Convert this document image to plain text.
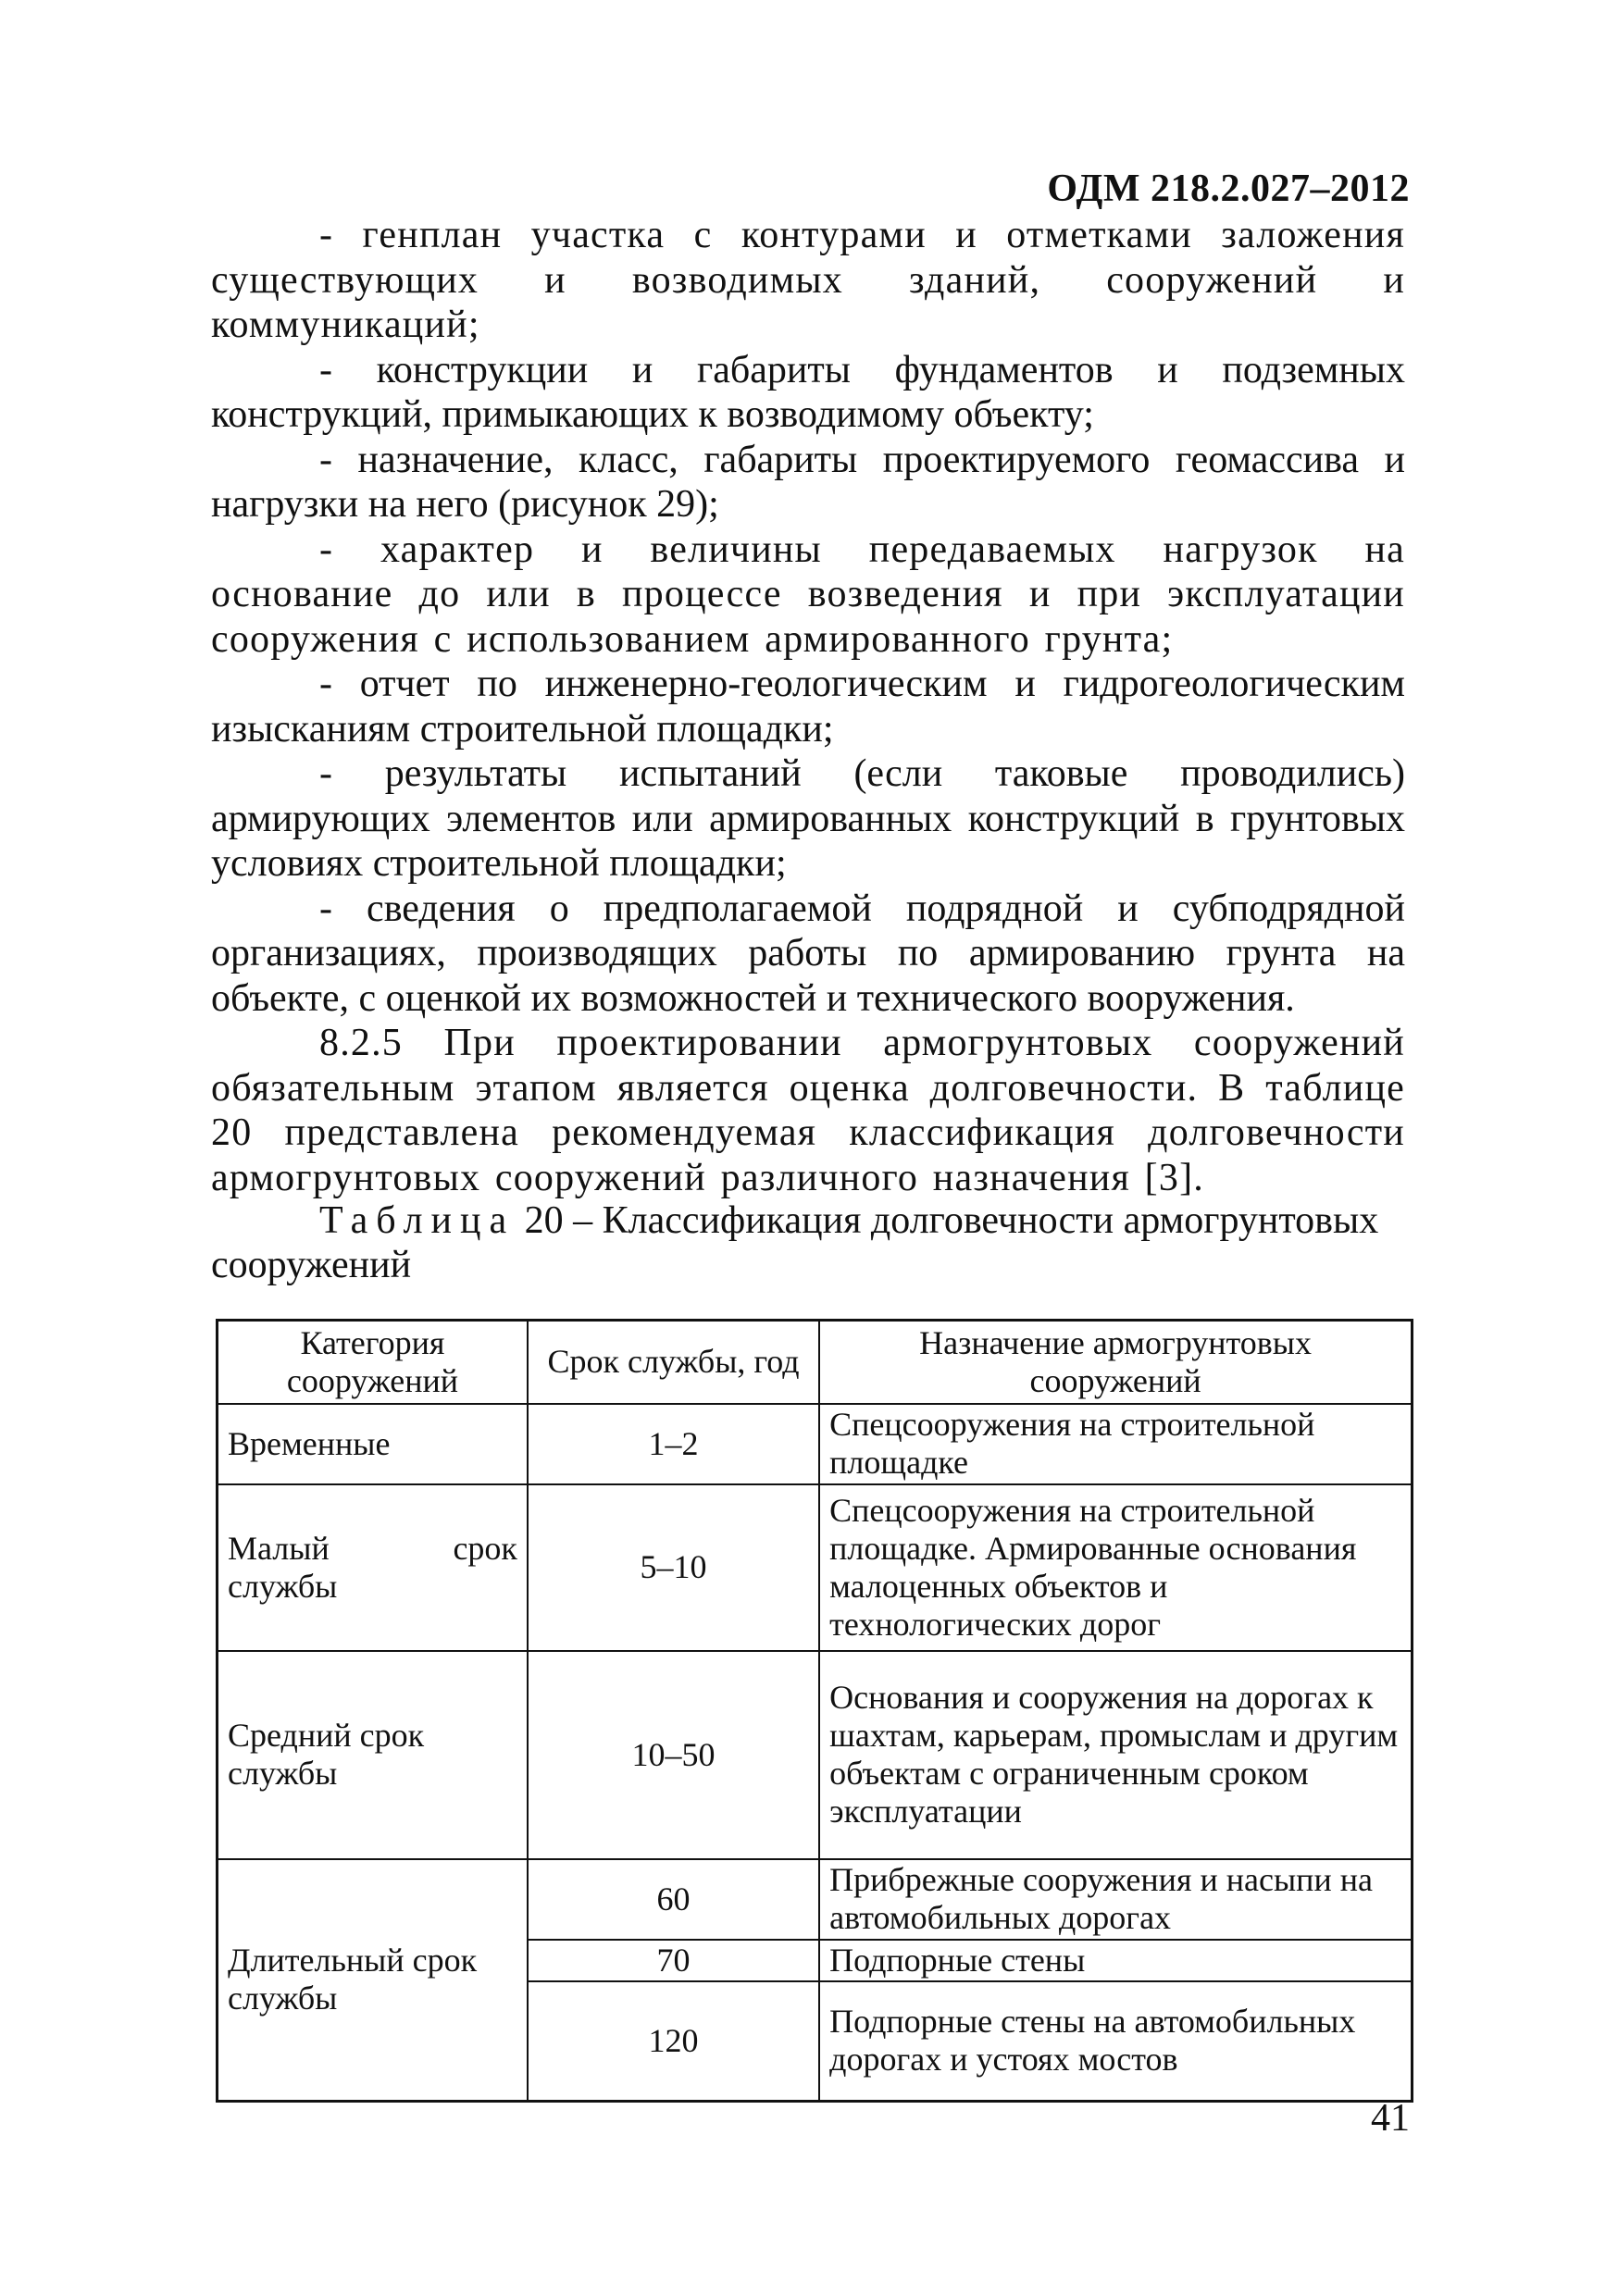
ОДМ 218.2.027–2012

- генплан участка с контурами и отметками заложения существующих и возводимых зданий, сооружений и коммуникаций;

- конструкции и габариты фундаментов и подземных конструкций, примыкающих к возводимому объекту;

- назначение, класс, габариты проектируемого геомассива и нагрузки на него (рисунок 29);

- характер и величины передаваемых нагрузок на основание до или в процессе возведения и при эксплуатации сооружения с использованием армированного грунта;

- отчет по инженерно-геологическим и гидрогеологическим изысканиям строительной площадки;

- результаты испытаний (если таковые проводились) армирующих элементов или армированных конструкций в грунтовых условиях строительной площадки;

- сведения о предполагаемой подрядной и субподрядной организациях, производящих работы по армированию грунта на объекте, с оценкой их возможностей и технического вооружения.

8.2.5 При проектировании армогрунтовых сооружений обязательным этапом является оценка долговечности. В таблице 20 представлена рекомендуемая классификация долговечности армогрунтовых сооружений различного назначения [3].

Таблица 20 – Классификация долговечности армогрунтовых сооружений
Категория сооружений	Срок службы, год	Назначение армогрунтовых сооружений
Временные	1–2	Спецсооружения на строительной площадке
Малый срок службы	5–10	Спецсооружения на строительной площадке. Армированные основания малоценных объектов и технологических дорог
Средний срок службы	10–50	Основания и сооружения на дорогах к шахтам, карьерам, промыслам и другим объектам с ограниченным сроком эксплуатации
Длительный срок службы	60	Прибрежные сооружения и насыпи на автомобильных дорогах
	70	Подпорные стены
	120	Подпорные стены на автомобильных дорогах и устоях мостов
41
